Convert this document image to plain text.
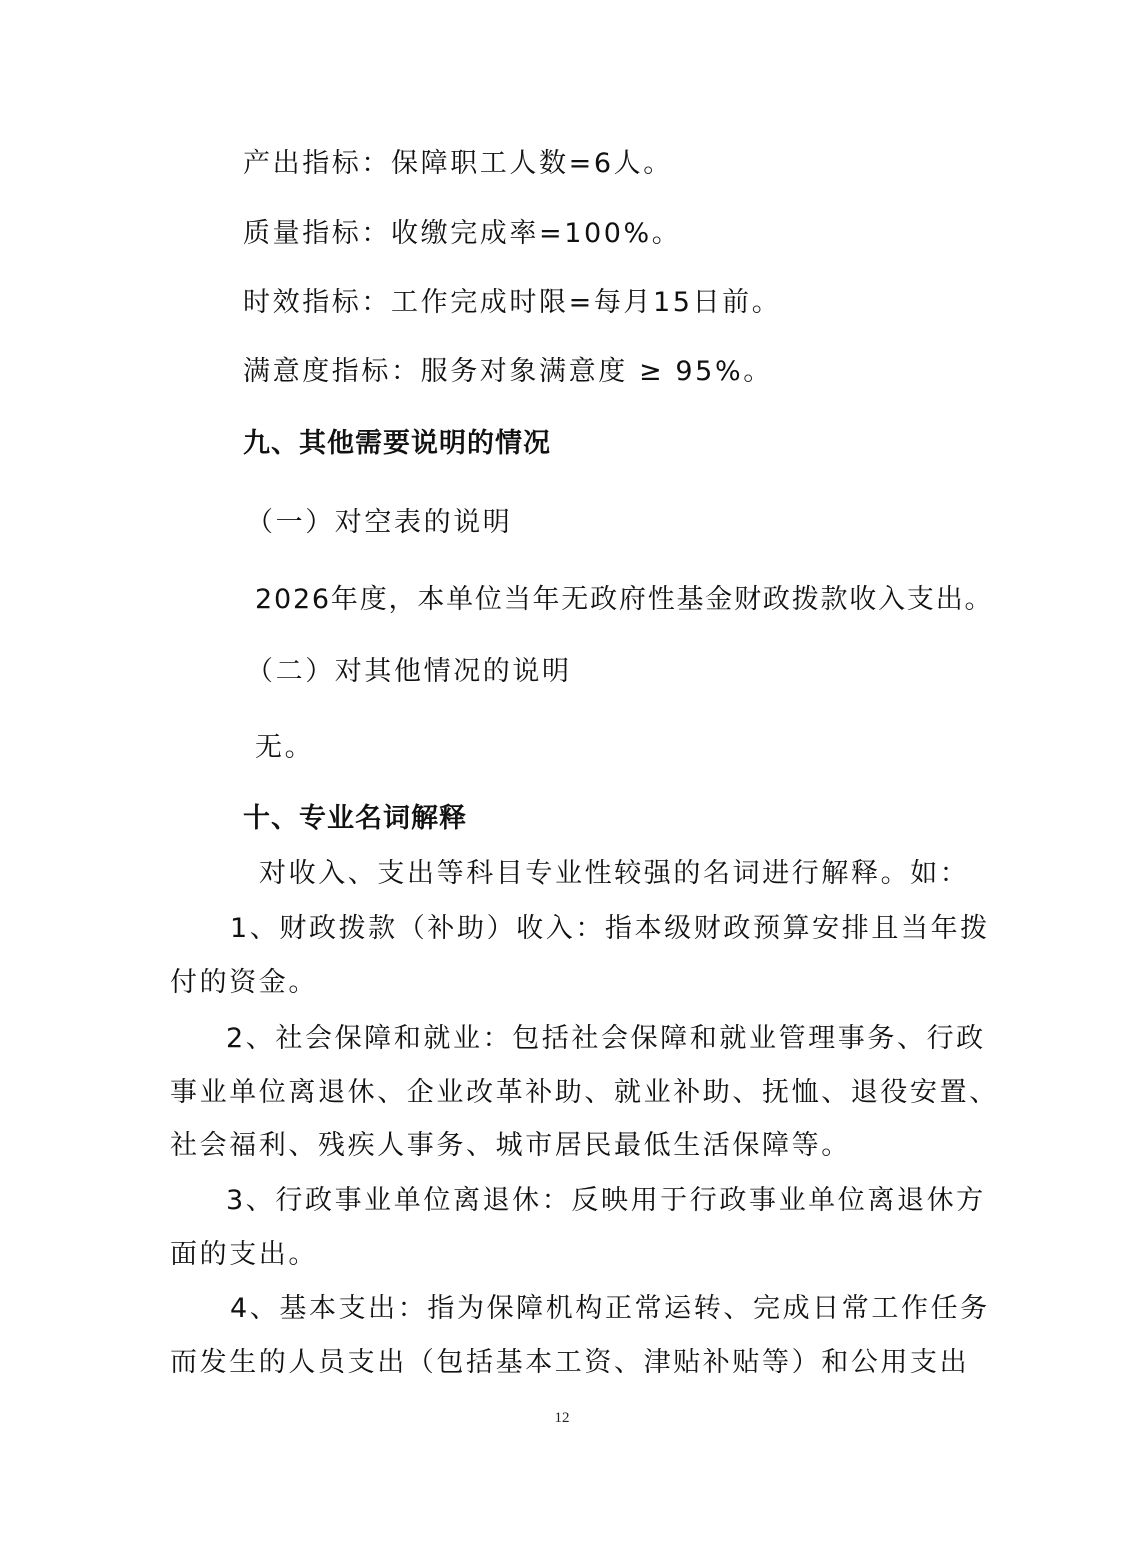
产出指标：保障职工人数=6人。
质量指标：收缴完成率=100%。
时效指标：工作完成时限=每月15日前。
满意度指标：服务对象满意度 ≥ 95%。
九、其他需要说明的情况
（一）对空表的说明
2026年度，本单位当年无政府性基金财政拨款收入支出。
（二）对其他情况的说明
无。
十、专业名词解释
对收入、支出等科目专业性较强的名词进行解释。如：
1、财政拨款（补助）收入：指本级财政预算安排且当年拨
付的资金。
2、社会保障和就业：包括社会保障和就业管理事务、行政
事业单位离退休、企业改革补助、就业补助、抚恤、退役安置、
社会福利、残疾人事务、城市居民最低生活保障等。
3、行政事业单位离退休：反映用于行政事业单位离退休方
面的支出。
4、基本支出：指为保障机构正常运转、完成日常工作任务
而发生的人员支出（包括基本工资、津贴补贴等）和公用支出
12
